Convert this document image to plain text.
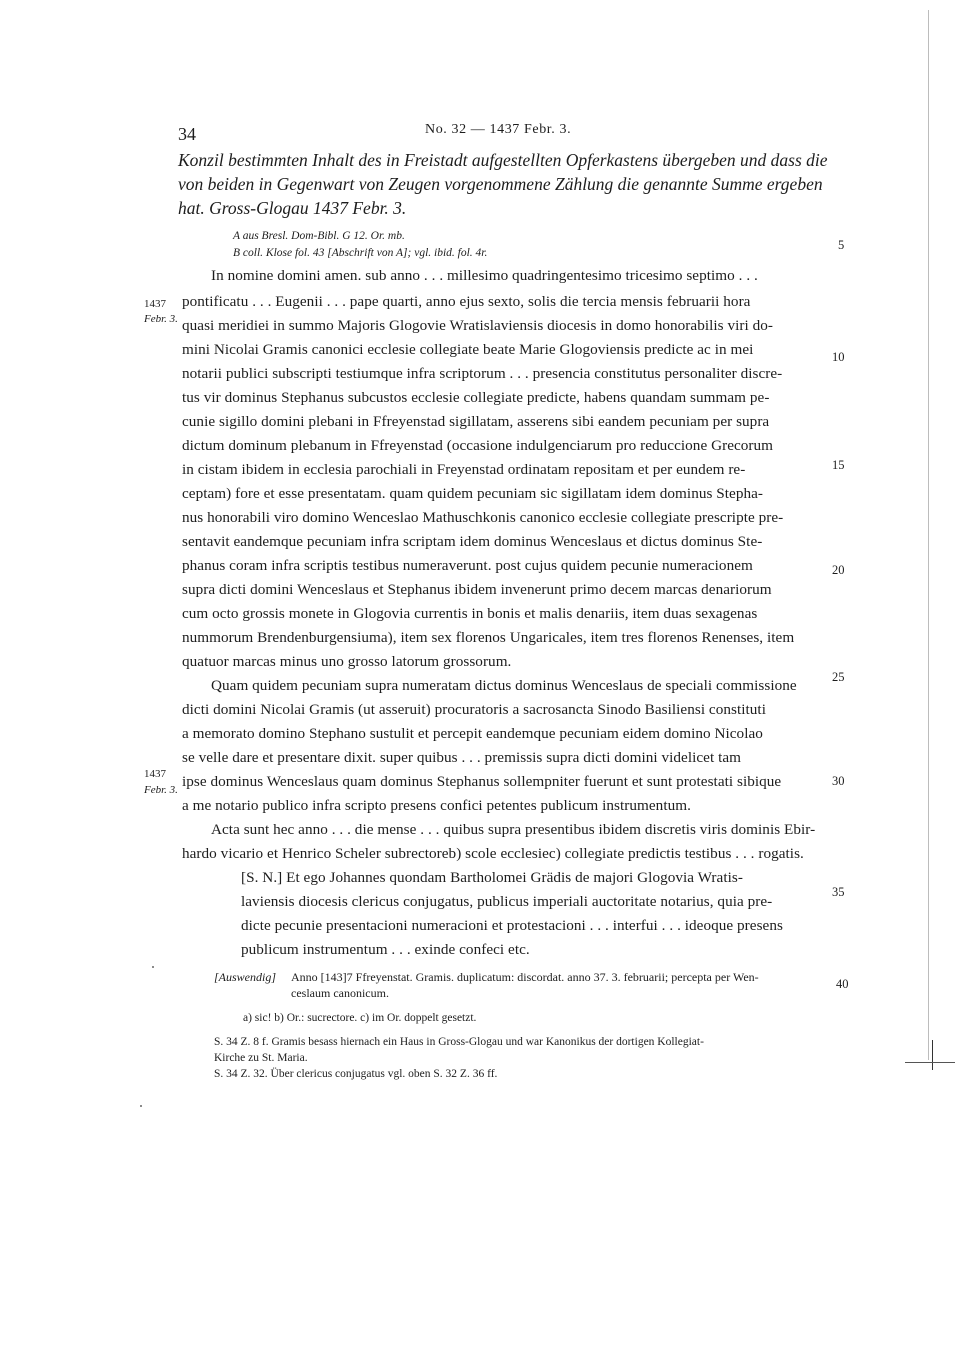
34	No. 32 — 1437 Febr. 3.
Konzil bestimmten Inhalt des in Freistadt aufgestellten Opferkastens übergeben und dass die
von beiden in Gegenwart von Zeugen vorgenommene Zählung die genannte Summe ergeben
hat. Gross-Glogau 1437 Febr. 3.
A aus Bresl. Dom-Bibl. G 12. Or. mb.
B coll. Klose fol. 43 [Abschrift von A]; vgl. ibid. fol. 4r.
1437
Febr. 3.
1437
Febr. 3.
5
10
15
20
25
30
35
40
In nomine domini amen. sub anno . . . millesimo quadringentesimo tricesimo septimo . . .
pontificatu . . . Eugenii . . . pape quarti, anno ejus sexto, solis die tercia mensis februarii hora
quasi meridiei in summo Majoris Glogovie Wratislaviensis diocesis in domo honorabilis viri do-
mini Nicolai Gramis canonici ecclesie collegiate beate Marie Glogoviensis predicte ac in mei
notarii publici subscripti testiumque infra scriptorum . . . presencia constitutus personaliter discre-
tus vir dominus Stephanus subcustos ecclesie collegiate predicte, habens quandam summam pe-
cunie sigillo domini plebani in Ffreyenstad sigillatam, asserens sibi eandem pecuniam per supra
dictum dominum plebanum in Ffreyenstad (occasione indulgenciarum pro reduccione Grecorum
in cistam ibidem in ecclesia parochiali in Freyenstad ordinatam repositam et per eundem re-
ceptam) fore et esse presentatam. quam quidem pecuniam sic sigillatam idem dominus Stepha-
nus honorabili viro domino Wenceslao Mathuschkonis canonico ecclesie collegiate prescripte pre-
sentavit eandemque pecuniam infra scriptam idem dominus Wenceslaus et dictus dominus Ste-
phanus coram infra scriptis testibus numeraverunt. post cujus quidem pecunie numeracionem
supra dicti domini Wenceslaus et Stephanus ibidem invenerunt primo decem marcas denariorum
cum octo grossis monete in Glogovia currentis in bonis et malis denariis, item duas sexagenas
nummorum Brendenburgensiuma), item sex florenos Ungaricales, item tres florenos Renenses, item
quatuor marcas minus uno grosso latorum grossorum.
Quam quidem pecuniam supra numeratam dictus dominus Wenceslaus de speciali commissione
dicti domini Nicolai Gramis (ut asseruit) procuratoris a sacrosancta Sinodo Basiliensi constituti
a memorato domino Stephano sustulit et percepit eandemque pecuniam eidem domino Nicolao
se velle dare et presentare dixit. super quibus . . . premissis supra dicti domini videlicet tam
ipse dominus Wenceslaus quam dominus Stephanus sollempniter fuerunt et sunt protestati sibique
a me notario publico infra scripto presens confici petentes publicum instrumentum.
Acta sunt hec anno . . . die mense . . . quibus supra presentibus ibidem discretis viris dominis Ebir-
hardo vicario et Henrico Scheler subrectoreb) scole ecclesiec) collegiate predictis testibus . . . rogatis.
[S. N.] Et ego Johannes quondam Bartholomei Grädis de majori Glogovia Wratis-
laviensis diocesis clericus conjugatus, publicus imperiali auctoritate notarius, quia pre-
dicte pecunie presentacioni numeracioni et protestacioni . . . interfui . . . ideoque presens
publicum instrumentum . . . exinde confeci etc.
[Auswendig] Anno [143]7 Ffreyenstat. Gramis. duplicatum: discordat. anno 37. 3. februarii; percepta per Wen-
ceslaum canonicum.
a) sic! b) Or.: sucrectore. c) im Or. doppelt gesetzt.
S. 34 Z. 8 f. Gramis besass hiernach ein Haus in Gross-Glogau und war Kanonikus der dortigen Kollegiat-
Kirche zu St. Maria.
S. 34 Z. 32. Über clericus conjugatus vgl. oben S. 32 Z. 36 ff.
